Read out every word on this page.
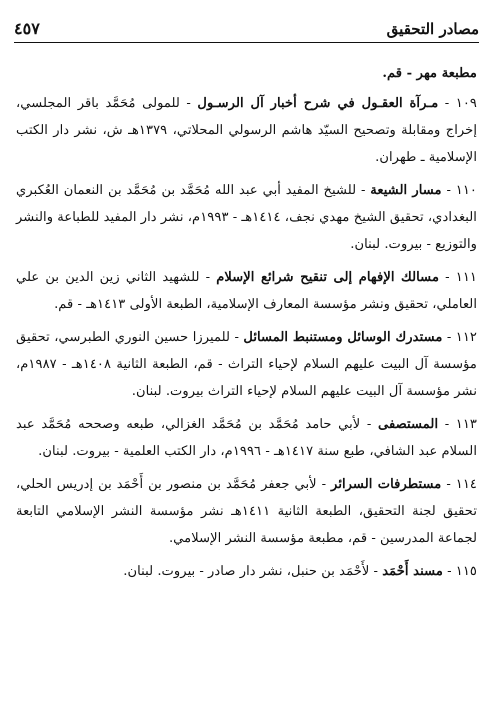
مصادر التحقيق
٤٥٧
مطبعة مهر - قم.
١٠٩ - مـرآة العقـول في شرح أخبار آل الرسـول - للمولى مُحَمَّد باقر المجلسي، إخراج ومقابلة وتصحيح السيّد هاشم الرسولي المحلاتي، ١٣٧٩هـ ش، نشر دار الكتب الإسلامية ـ طهران.
١١٠ - مسار الشيعة - للشيخ المفيد أبي عبد الله مُحَمَّد بن مُحَمَّد بن النعمان العُكبري البغدادي، تحقيق الشيخ مهدي نجف، ١٤١٤هـ - ١٩٩٣م، نشر دار المفيد للطباعة والنشر والتوزيع - بيروت. لبنان.
١١١ - مسالك الإفهام إلى تنقيح شرائع الإسلام - للشهيد الثاني زين الدين بن علي العاملي، تحقيق ونشر مؤسسة المعارف الإسلامية، الطبعة الأولى ١٤١٣هـ - قم.
١١٢ - مستدرك الوسائل ومستنبط المسائل - للميرزا حسين النوري الطبرسي، تحقيق مؤسسة آل البيت عليهم السلام لإحياء التراث - قم، الطبعة الثانية ١٤٠٨هـ - ١٩٨٧م، نشر مؤسسة آل البيت عليهم السلام لإحياء التراث بيروت. لبنان.
١١٣ - المستصفى - لأبي حامد مُحَمَّد بن مُحَمَّد الغزالي، طبعه وصححه مُحَمَّد عبد السلام عبد الشافي، طبع سنة ١٤١٧هـ - ١٩٩٦م، دار الكتب العلمية - بيروت. لبنان.
١١٤ - مستطرفات السرائر - لأبي جعفر مُحَمَّد بن منصور بن أَحْمَد بن إدريس الحلي، تحقيق لجنة التحقيق، الطبعة الثانية ١٤١١هـ نشر مؤسسة النشر الإسلامي التابعة لجماعة المدرسين - قم، مطبعة مؤسسة النشر الإسلامي.
١١٥ - مسند أَحْمَد - لأَحْمَد بن حنبل، نشر دار صادر - بيروت. لبنان.
